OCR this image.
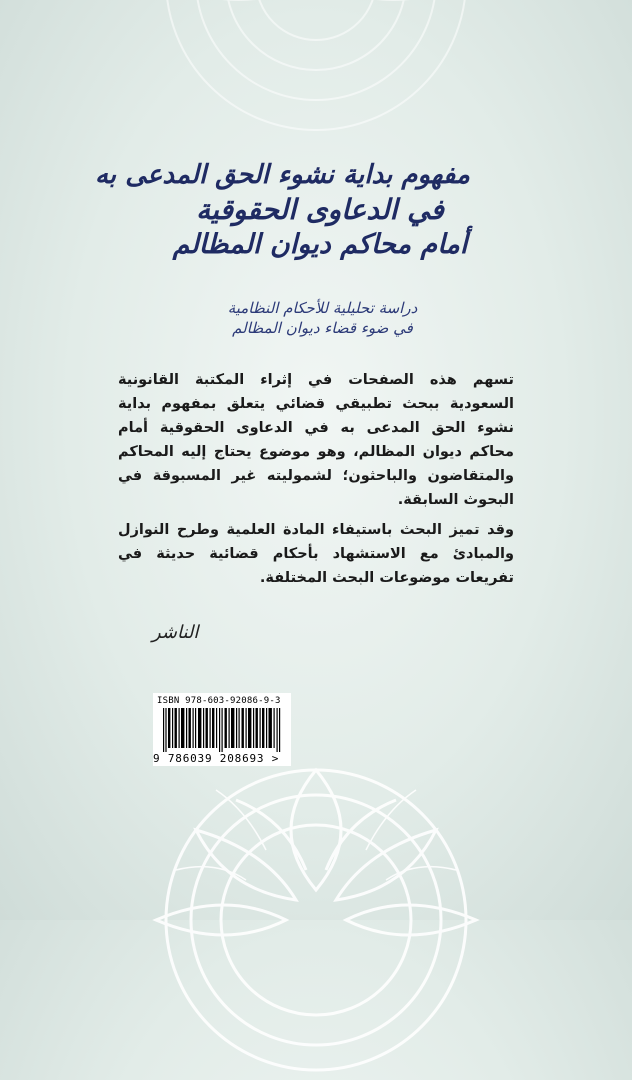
مفهوم بداية نشوء الحق المدعى به
في الدعاوى الحقوقية
أمام محاكم ديوان المظالم
دراسة تحليلية للأحكام النظامية
في ضوء قضاء ديوان المظالم

تسهم هذه الصفحات في إثراء المكتبة القانونية السعودية ببحث تطبيقي قضائي يتعلق بمفهوم بداية نشوء الحق المدعى به في الدعاوى الحقوقية أمام محاكم ديوان المظالم، وهو موضوع يحتاج إليه المحاكم والمتقاضون والباحثون؛ لشموليته غير المسبوقة في البحوث السابقة.

وقد تميز البحث باستيفاء المادة العلمية وطرح النوازل والمبادئ مع الاستشهاد بأحكام قضائية حديثة في تفريعات موضوعات البحث المختلفة.

الناشر
ISBN 978-603-92086-9-3
9 786039 208693 >
